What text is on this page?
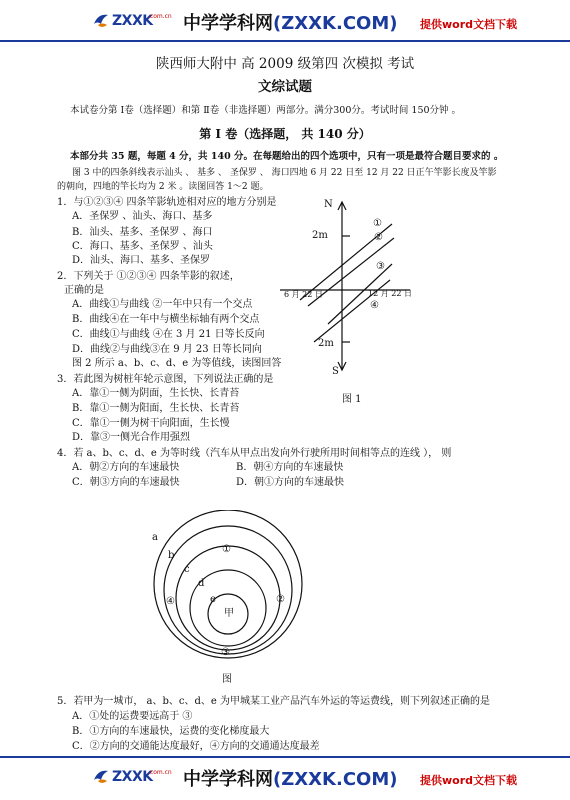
ZXXK
.com.cn 中学学科网(ZXXK.COM) 提供word文档下载
陕西师大附中 高 2009 级第四 次模拟 考试
文综试题
本试卷分第 Ⅰ卷（选择题）和第 Ⅱ卷（非选择题）两部分。满分300分。考试时间 150分钟 。
第 Ⅰ 卷（选择题， 共 140 分）
本部分共 35 题，每题 4 分，共 140 分。在每题给出的四个选项中，只有一项是最符合题目要求的 。
图 3 中的四条斜线表示汕头 、 基多 、 圣保罗 、 海口四地 6 月 22 日至 12 月 22 日正午竿影长度及竿影
的朝向，四地的竿长均为 2 米 。读图回答 1～2 题。
1．与①②③④ 四条竿影轨迹相对应的地方分别是
A．圣保罗 、汕头、海口、基多
B．汕头、基多、圣保罗 、海口
C．海口、基多、圣保罗 、汕头
D．汕头、海口、基多、圣保罗
2．下列关于 ①②③④ 四条竿影的叙述，
正确的是
A．曲线①与曲线 ②一年中只有一个交点
B．曲线④在一年中与横坐标轴有两个交点
C．曲线①与曲线 ④在 3 月 21 日等长反向
D．曲线②与曲线③在 9 月 23 日等长同向
图 2 所示 a、b、c、d、e 为等值线，读图回答
3．若此图为树桩年轮示意图，下列说法正确的是
A．靠①一侧为阴面，生长快、长青苔
B．靠①一侧为阳面，生长快、长青苔
C．靠①一侧为树干向阳面，生长慢
D．靠③一侧光合作用强烈
4．若 a、b、c、d、e 为等时线（汽车从甲点出发向外行驶所用时间相等点的连线 ）， 则
A．朝②方向的车速最快	B．朝④方向的车速最快
C．朝③方向的车速最快	D．朝①方向的车速最快
5．若甲为一城市， a、b、c、d、e 为甲城某工业产品汽车外运的等运费线，则下列叙述正确的是
A．①处的运费要远高于 ③
B．①方向的车速最快，运费的变化梯度最大
C．②方向的交通能达度最好，④方向的交通通达度最差
N
S
2m
2m
6 月 22 日	12 月 22 日
①
②
③
④
图 1
a
b
c
d
e
甲
①
②
③
④
图
ZXXK
.com.cn 中学学科网(ZXXK.COM) 提供word文档下载
